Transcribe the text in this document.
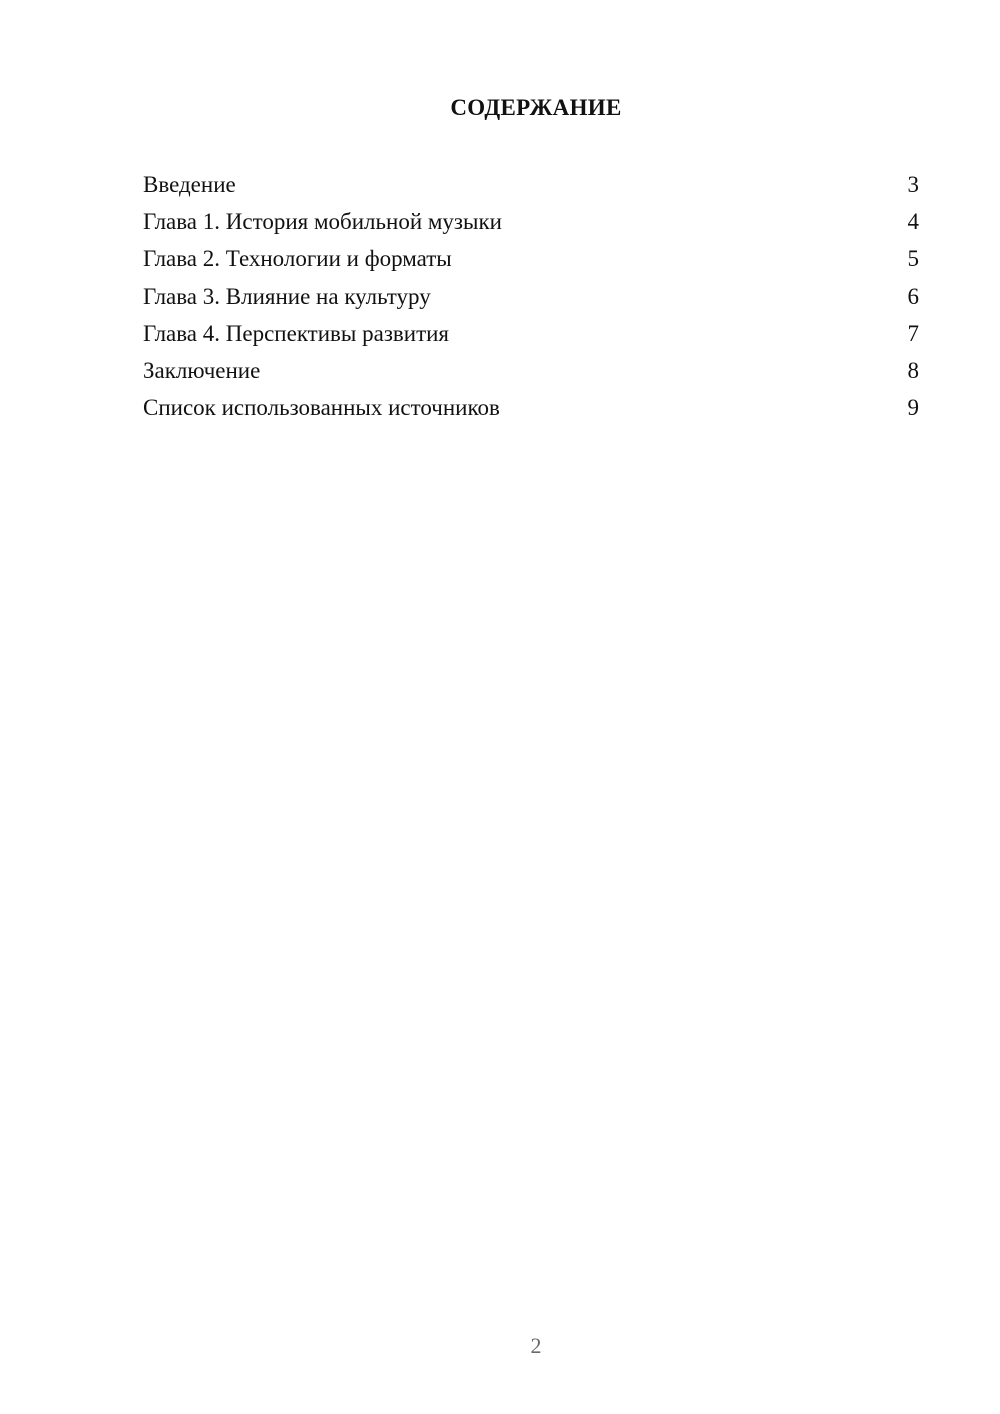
СОДЕРЖАНИЕ
Введение	3
Глава 1. История мобильной музыки	4
Глава 2. Технологии и форматы	5
Глава 3. Влияние на культуру	6
Глава 4. Перспективы развития	7
Заключение	8
Список использованных источников	9
2
